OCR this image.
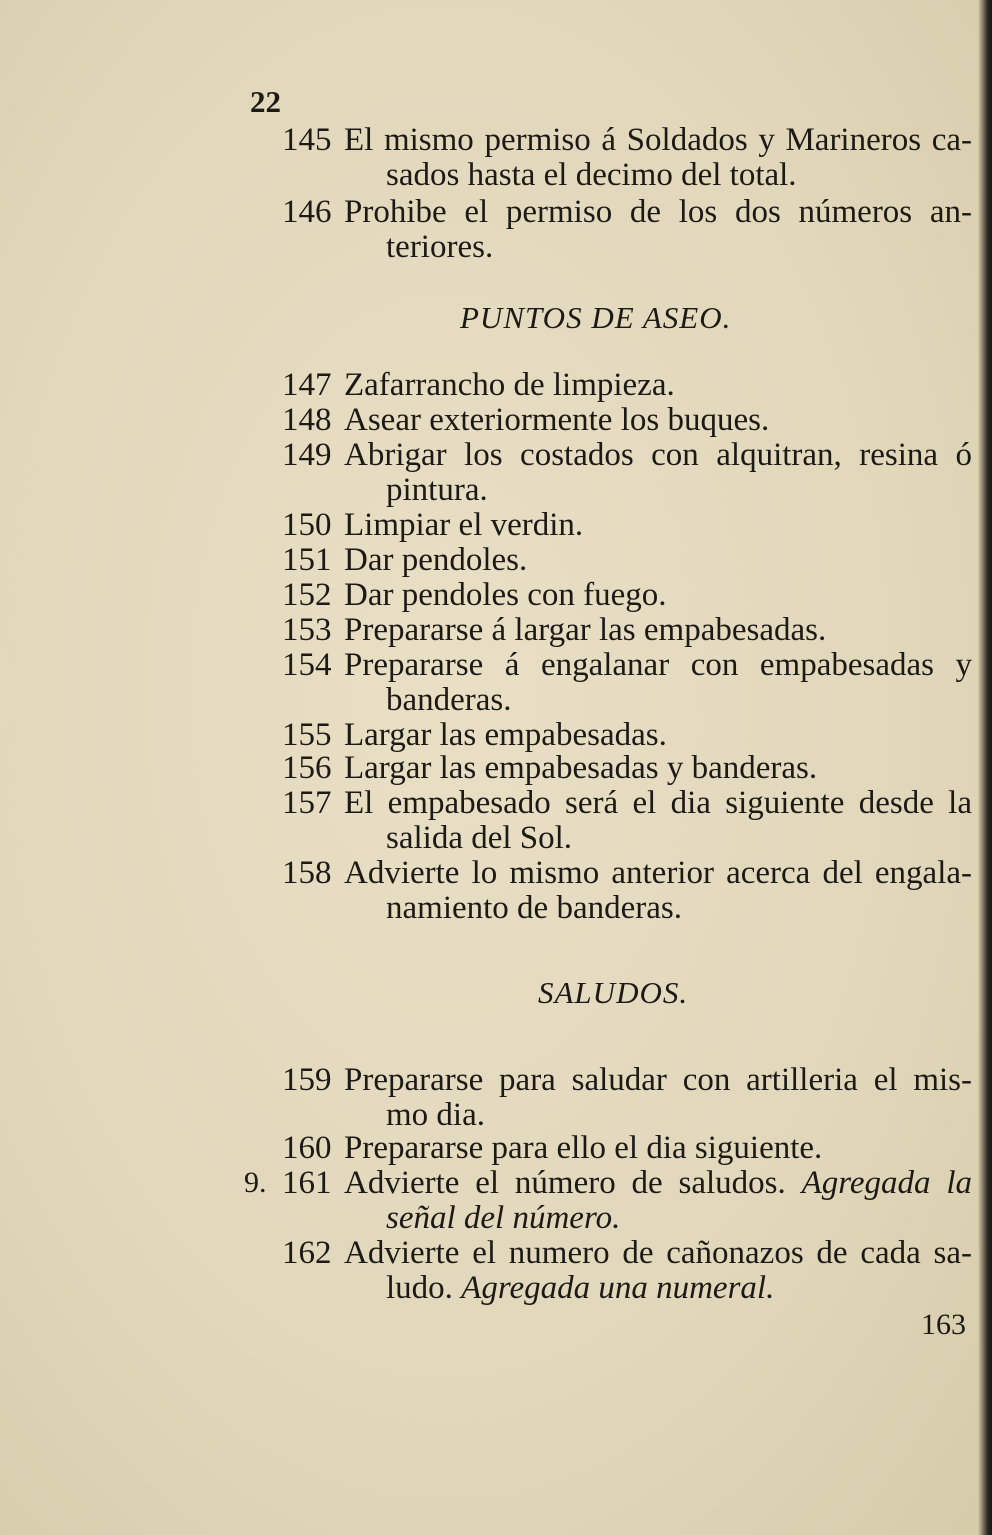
22
145 El mismo permiso á Soldados y Marineros ca-
sados hasta el decimo del total.
146 Prohibe el permiso de los dos números an-
teriores.
PUNTOS DE ASEO.
147 Zafarrancho de limpieza.
148 Asear exteriormente los buques.
149 Abrigar los costados con alquitran, resina ó
pintura.
150 Limpiar el verdin.
151 Dar pendoles.
152 Dar pendoles con fuego.
153 Prepararse á largar las empabesadas.
154 Prepararse á engalanar con empabesadas y
banderas.
155 Largar las empabesadas.
156 Largar las empabesadas y banderas.
157 El empabesado será el dia siguiente desde la
salida del Sol.
158 Advierte lo mismo anterior acerca del engala-
namiento de banderas.
SALUDOS.
159 Prepararse para saludar con artilleria el mis-
mo dia.
160 Prepararse para ello el dia siguiente.
9. 161 Advierte el número de saludos. Agregada la
señal del número.
162 Advierte el numero de cañonazos de cada sa-
ludo. Agregada una numeral.
163
